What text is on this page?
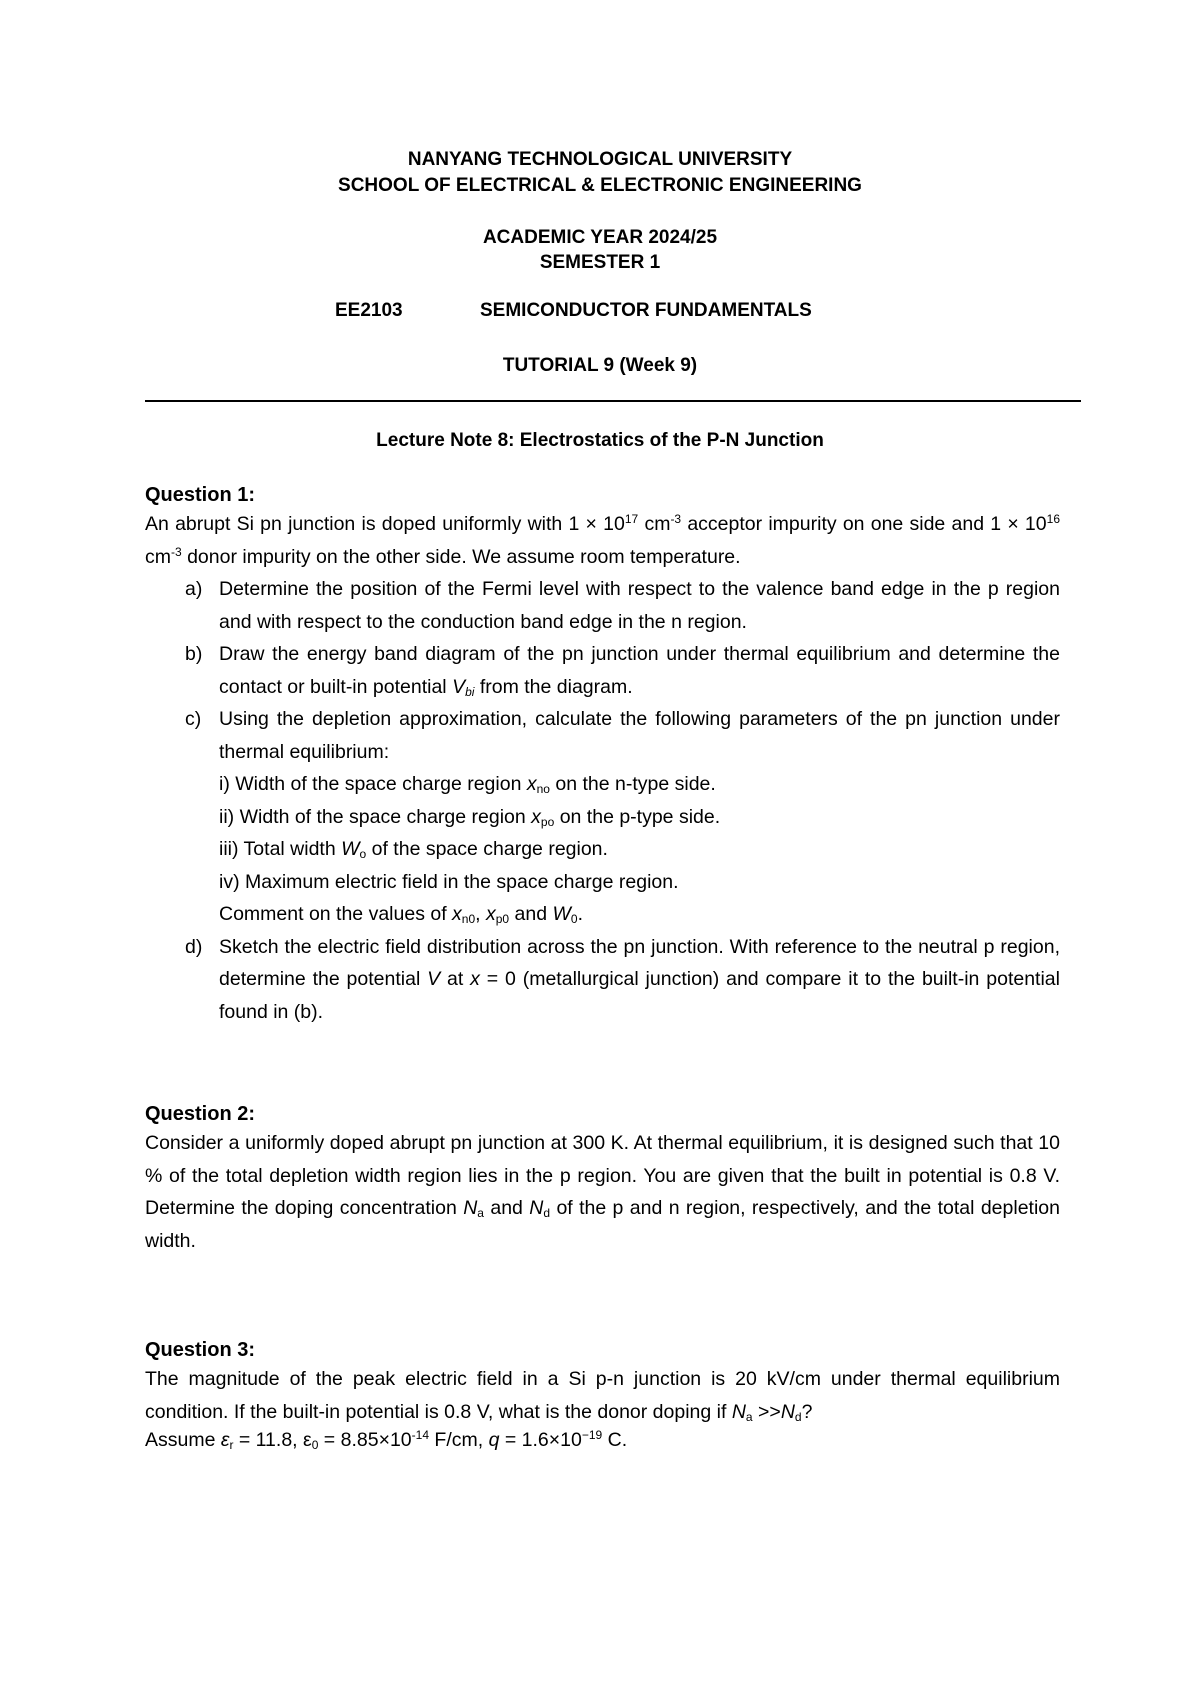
NANYANG TECHNOLOGICAL UNIVERSITY
SCHOOL OF ELECTRICAL & ELECTRONIC ENGINEERING
ACADEMIC YEAR 2024/25
SEMESTER 1
EE2103	SEMICONDUCTOR FUNDAMENTALS
TUTORIAL 9 (Week 9)
Lecture Note 8: Electrostatics of the P-N Junction
Question 1:
An abrupt Si pn junction is doped uniformly with $1 \times 10^{17}$ $cm^{-3}$ acceptor impurity on one side and $1 \times 10^{16}$ $cm^{-3}$ donor impurity on the other side. We assume room temperature.
a) Determine the position of the Fermi level with respect to the valence band edge in the p region and with respect to the conduction band edge in the n region.
b) Draw the energy band diagram of the pn junction under thermal equilibrium and determine the contact or built-in potential Vbi from the diagram.
c) Using the depletion approximation, calculate the following parameters of the pn junction under thermal equilibrium:
i) Width of the space charge region xno on the n-type side.
ii) Width of the space charge region xpo on the p-type side.
iii) Total width Wo of the space charge region.
iv) Maximum electric field in the space charge region.
Comment on the values of xn0, xp0 and W0.
d) Sketch the electric field distribution across the pn junction. With reference to the neutral p region, determine the potential V at x = 0 (metallurgical junction) and compare it to the built-in potential found in (b).
Question 2:
Consider a uniformly doped abrupt pn junction at 300 K. At thermal equilibrium, it is designed such that 10 % of the total depletion width region lies in the p region. You are given that the built in potential is 0.8 V. Determine the doping concentration Na and Nd of the p and n region, respectively, and the total depletion width.
Question 3:
The magnitude of the peak electric field in a Si p-n junction is 20 kV/cm under thermal equilibrium condition. If the built-in potential is 0.8 V, what is the donor doping if Na >>Nd?
Assume εr = 11.8, $\varepsilon 0 = 8.85\times 10^{-14}$ F/cm, $q = 1.6\times 10^{-19}$ C.
